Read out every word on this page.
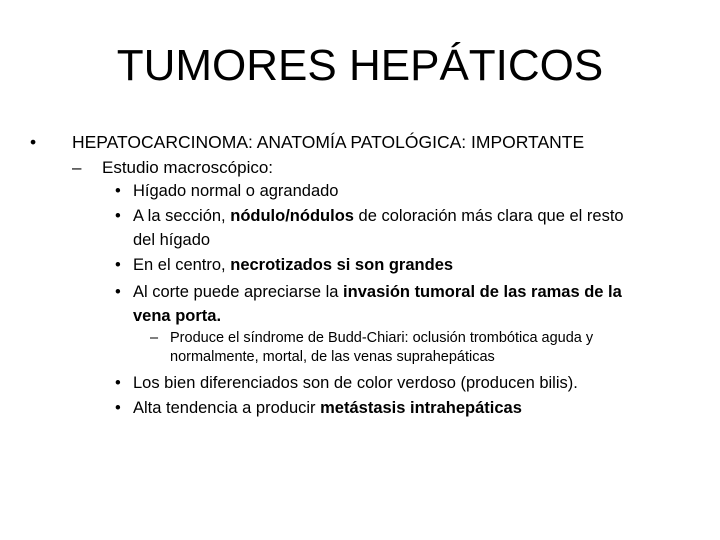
TUMORES HEPÁTICOS
• HEPATOCARCINOMA: ANATOMÍA PATOLÓGICA: IMPORTANTE
– Estudio macroscópico:
• Hígado normal o agrandado
• A la sección, nódulo/nódulos de coloración más clara que el resto
del hígado
• En el centro, necrotizados si son grandes
• Al corte puede apreciarse la invasión tumoral de las ramas de la
vena porta.
– Produce el síndrome de Budd-Chiari: oclusión trombótica aguda y
normalmente, mortal, de las venas suprahepáticas
• Los bien diferenciados son de color verdoso (producen bilis).
• Alta tendencia a producir metástasis intrahepáticas
